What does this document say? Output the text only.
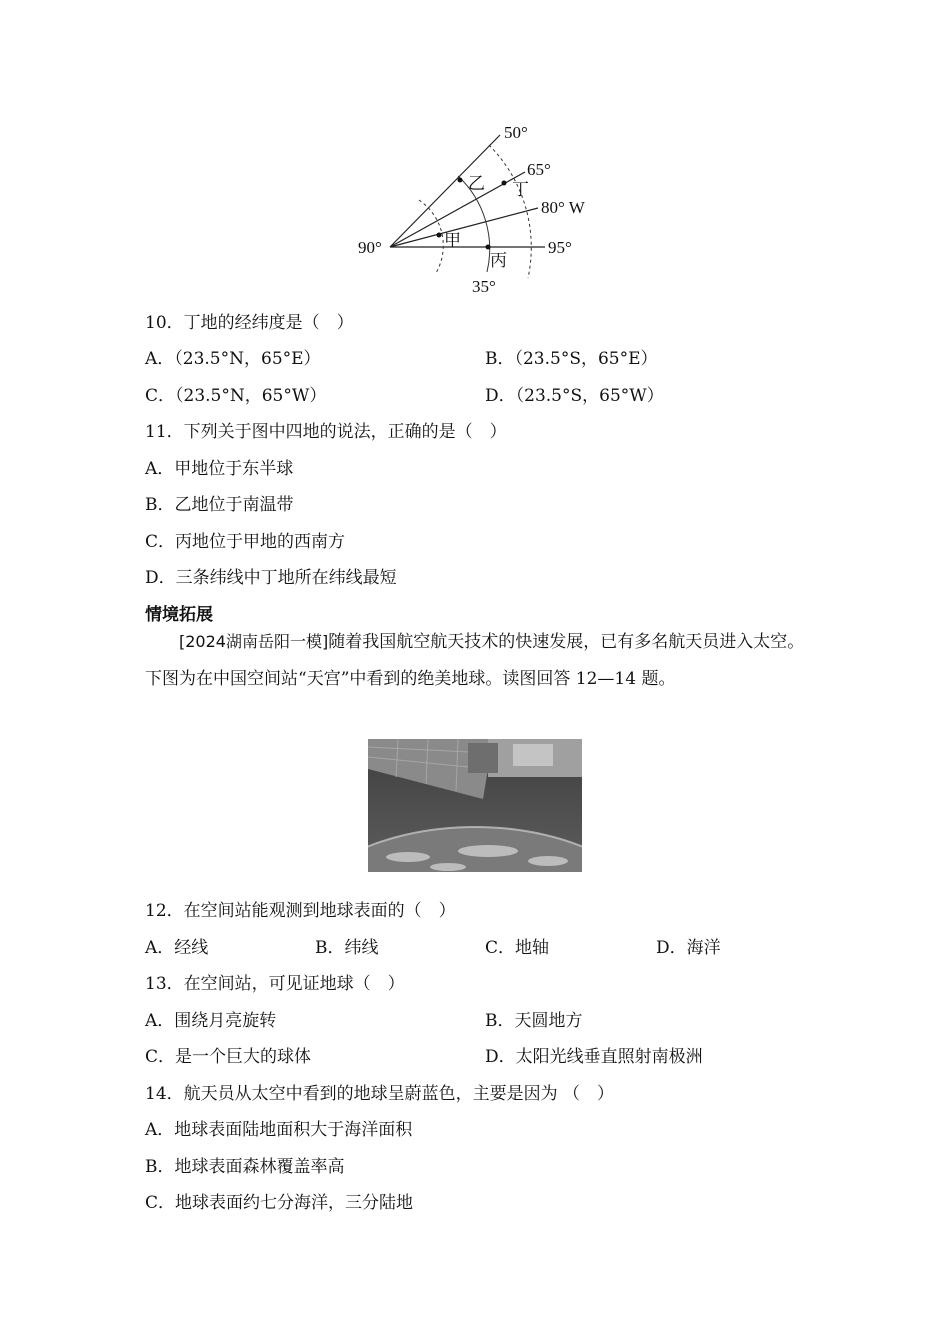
50°
65°
80° W
90°	95°
35°
甲
乙 丁
丙
10．丁地的经纬度是（　）
A．（23.5°N，65°E）	B．（23.5°S，65°E）
C．（23.5°N，65°W）	D．（23.5°S，65°W）
11．下列关于图中四地的说法，正确的是（　）
A．甲地位于东半球
B．乙地位于南温带
C．丙地位于甲地的西南方
D．三条纬线中丁地所在纬线最短
情境拓展
[2024湖南岳阳一模]随着我国航空航天技术的快速发展，已有多名航天员进入太空。下图为在中国空间站“天宫”中看到的绝美地球。读图回答 12—14 题。
12．在空间站能观测到地球表面的（　）
A．经线	B．纬线	C．地轴	D．海洋
13．在空间站，可见证地球（　）
A．围绕月亮旋转	B．天圆地方
C．是一个巨大的球体	D．太阳光线垂直照射南极洲
14．航天员从太空中看到的地球呈蔚蓝色，主要是因为 （　）
A．地球表面陆地面积大于海洋面积
B．地球表面森林覆盖率高
C．地球表面约七分海洋，三分陆地
